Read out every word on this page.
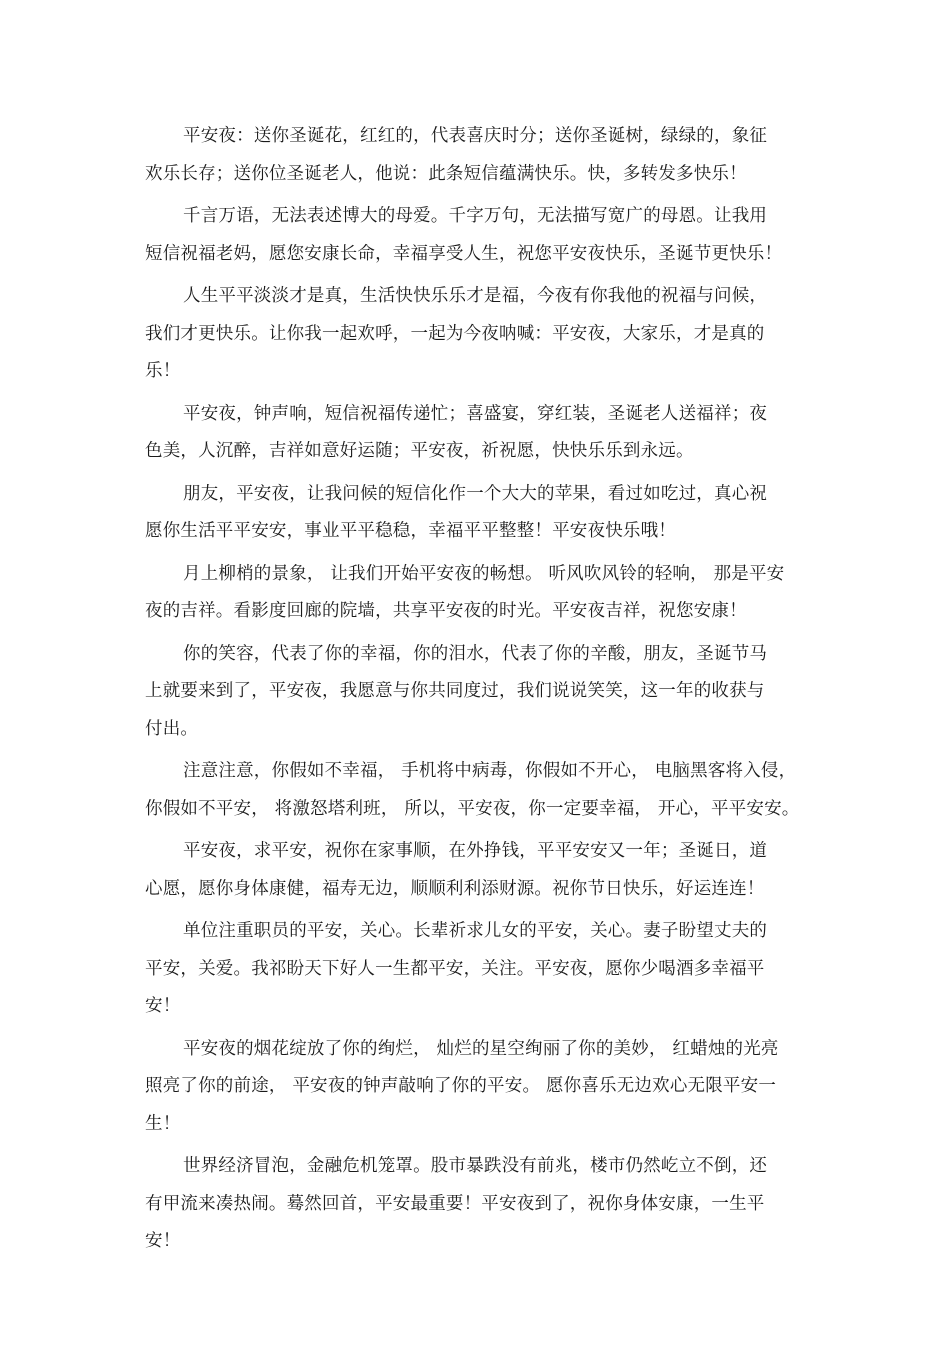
平安夜：送你圣诞花，红红的，代表喜庆时分；送你圣诞树，绿绿的，象征
欢乐长存；送你位圣诞老人，他说：此条短信蕴满快乐。快，多转发多快乐！
千言万语，无法表述博大的母爱。千字万句，无法描写宽广的母恩。让我用
短信祝福老妈，愿您安康长命，幸福享受人生，祝您平安夜快乐，圣诞节更快乐！
人生平平淡淡才是真，生活快快乐乐才是福，今夜有你我他的祝福与问候，
我们才更快乐。让你我一起欢呼，一起为今夜呐喊：平安夜，大家乐，才是真的
乐！
平安夜，钟声响，短信祝福传递忙；喜盛宴，穿红装，圣诞老人送福祥；夜
色美，人沉醉，吉祥如意好运随；平安夜，祈祝愿，快快乐乐到永远。
朋友，平安夜，让我问候的短信化作一个大大的苹果，看过如吃过，真心祝
愿你生活平平安安，事业平平稳稳，幸福平平整整！平安夜快乐哦！
月上柳梢的景象， 让我们开始平安夜的畅想。 听风吹风铃的轻响， 那是平安
夜的吉祥。看影度回廊的院墙，共享平安夜的时光。平安夜吉祥，祝您安康！
你的笑容，代表了你的幸福，你的泪水，代表了你的辛酸，朋友，圣诞节马
上就要来到了，平安夜，我愿意与你共同度过，我们说说笑笑，这一年的收获与
付出。
注意注意，你假如不幸福， 手机将中病毒，你假如不开心， 电脑黑客将入侵，
你假如不平安， 将激怒塔利班， 所以，平安夜，你一定要幸福， 开心，平平安安。
平安夜，求平安，祝你在家事顺，在外挣钱，平平安安又一年；圣诞日，道
心愿，愿你身体康健，福寿无边，顺顺利利添财源。祝你节日快乐，好运连连！
单位注重职员的平安，关心。长辈祈求儿女的平安，关心。妻子盼望丈夫的
平安，关爱。我祁盼天下好人一生都平安，关注。平安夜，愿你少喝酒多幸福平
安！
平安夜的烟花绽放了你的绚烂， 灿烂的星空绚丽了你的美妙， 红蜡烛的光亮
照亮了你的前途， 平安夜的钟声敲响了你的平安。 愿你喜乐无边欢心无限平安一
生！
世界经济冒泡，金融危机笼罩。股市暴跌没有前兆，楼市仍然屹立不倒，还
有甲流来凑热闹。蓦然回首，平安最重要！平安夜到了，祝你身体安康，一生平
安！
